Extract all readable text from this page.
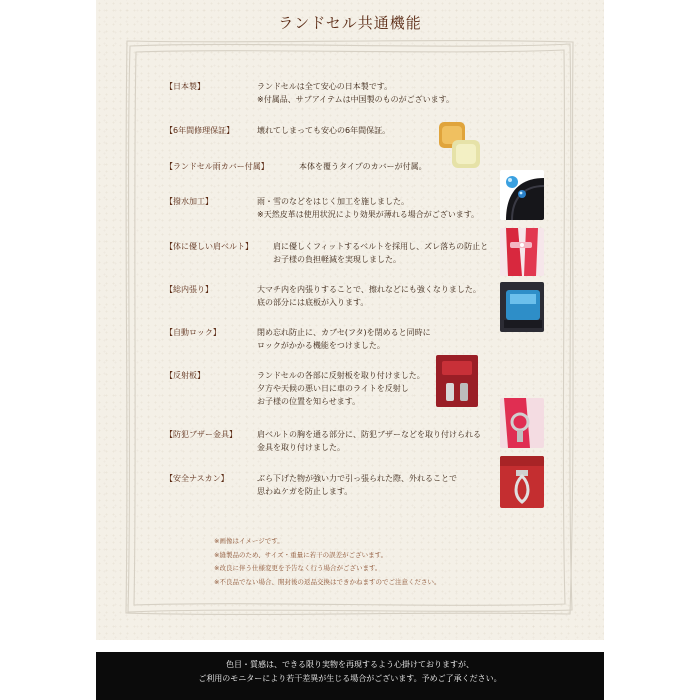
ランドセル共通機能
【日本製】	ランドセルは全て安心の日本製です。
※付属品、サブアイテムは中国製のものがございます。
【6年間修理保証】	壊れてしまっても安心の6年間保証。
【ランドセル雨カバー付属】	本体を覆うタイプのカバーが付属。
【撥水加工】	雨・雪のなどをはじく加工を施しました。
※天然皮革は使用状況により効果が薄れる場合がございます。
【体に優しい肩ベルト】	肩に優しくフィットするベルトを採用し、ズレ落ちの防止と
お子様の負担軽減を実現しました。
【総内張り】	大マチ内を内張りすることで、擦れなどにも強くなりました。
底の部分には底板が入ります。
【自動ロック】	閉め忘れ防止に、カブセ(フタ)を閉めると同時に
ロックがかかる機能をつけました。
【反射板】	ランドセルの各部に反射板を取り付けました。
夕方や天候の悪い日に車のライトを反射し
お子様の位置を知らせます。
【防犯ブザー金具】	肩ベルトの胸を通る部分に、防犯ブザーなどを取り付けられる
金具を取り付けました。
【安全ナスカン】	ぶら下げた物が強い力で引っ張られた際、外れることで
思わぬケガを防止します。
※画像はイメージです。
※縫製品のため、サイズ・重量に若干の誤差がございます。
※改良に伴う仕様変更を予告なく行う場合がございます。
※不良品でない場合、開封後の返品交換はできかねますのでご注意ください。
色目・質感は、できる限り実物を再現するよう心掛けておりますが、
ご利用のモニターにより若干差異が生じる場合がございます。予めご了承ください。
